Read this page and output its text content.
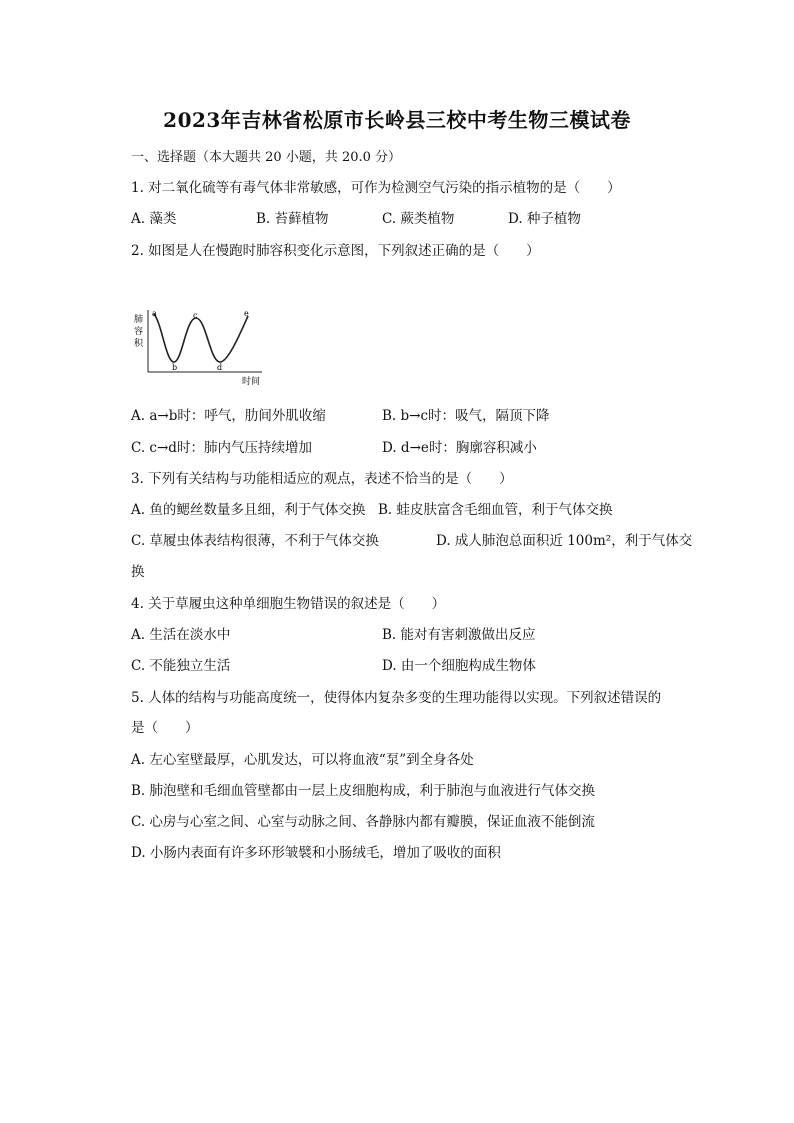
2023年吉林省松原市长岭县三校中考生物三模试卷
一、选择题（本大题共 20 小题，共 20.0 分）
1. 对二氧化硫等有毒气体非常敏感，可作为检测空气污染的指示植物的是（　　）
A. 藻类	B. 苔藓植物	C. 蕨类植物	D. 种子植物
2. 如图是人在慢跑时肺容积变化示意图，下列叙述正确的是（　　）
肺
容
积
a
b
c
d
e
时间
A. a→b时：呼气，肋间外肌收缩	B. b→c时：吸气，隔顶下降
C. c→d时：肺内气压持续增加	D. d→e时：胸廓容积减小
3. 下列有关结构与功能相适应的观点，表述不恰当的是（　　）
A. 鱼的鳃丝数量多且细，利于气体交换 B. 蛙皮肤富含毛细血管，利于气体交换
C. 草履虫体表结构很薄，不利于气体交换	D. 成人肺泡总面积近 100m²，利于气体交
换
4. 关于草履虫这种单细胞生物错误的叙述是（　　）
A. 生活在淡水中	B. 能对有害刺激做出反应
C. 不能独立生活	D. 由一个细胞构成生物体
5. 人体的结构与功能高度统一，使得体内复杂多变的生理功能得以实现。下列叙述错误的
是（　　）
A. 左心室壁最厚，心肌发达，可以将血液“泵”到全身各处
B. 肺泡壁和毛细血管壁都由一层上皮细胞构成，利于肺泡与血液进行气体交换
C. 心房与心室之间、心室与动脉之间、各静脉内都有瓣膜，保证血液不能倒流
D. 小肠内表面有许多环形皱襞和小肠绒毛，增加了吸收的面积
